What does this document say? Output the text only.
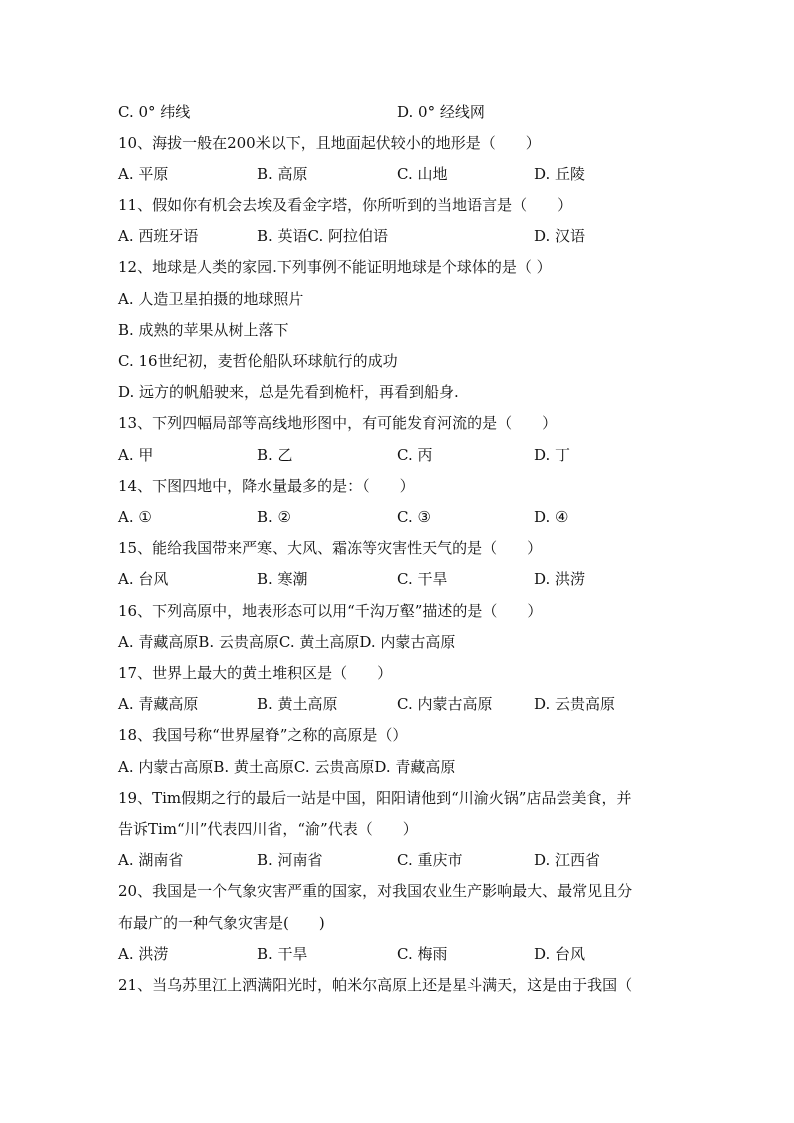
C. 0° 纬线

	D. 0° 经线网

10、海拔一般在200米以下，且地面起伏较小的地形是（　　）

A. 平原

	B. 高原

	C. 山地

	D. 丘陵

11、假如你有机会去埃及看金字塔，你所听到的当地语言是（　　）

A. 西班牙语

	B. 英语C. 阿拉伯语

	D. 汉语

12、地球是人类的家园.下列事例不能证明地球是个球体的是（ ）
A. 人造卫星拍摄的地球照片
B. 成熟的苹果从树上落下
C. 16世纪初，麦哲伦船队环球航行的成功
D. 远方的帆船驶来，总是先看到桅杆，再看到船身.
13、下列四幅局部等高线地形图中，有可能发育河流的是（　　）

A. 甲

	B. 乙

	C. 丙

	D. 丁

14、下图四地中，降水量最多的是：（　　）

A. ①

	B. ②

	C. ③

	D. ④

15、能给我国带来严寒、大风、霜冻等灾害性天气的是（　　）

A. 台风

	B. 寒潮

	C. 干旱

	D. 洪涝

16、下列高原中，地表形态可以用“千沟万壑”描述的是（　　）
A. 青藏高原B. 云贵高原C. 黄土高原D. 内蒙古高原
17、世界上最大的黄土堆积区是（　　）

A. 青藏高原

	B. 黄土高原

	C. 内蒙古高原

	D. 云贵高原

18、我国号称“世界屋脊”之称的高原是（）
A. 内蒙古高原B. 黄土高原C. 云贵高原D. 青藏高原
19、Tim假期之行的最后一站是中国，阳阳请他到“川渝火锅”店品尝美食，并
告诉Tim“川”代表四川省，“渝”代表（　　）

A. 湖南省

	B. 河南省

	C. 重庆市

	D. 江西省

20、我国是一个气象灾害严重的国家，对我国农业生产影响最大、最常见且分
布最广的一种气象灾害是(　　)

A. 洪涝

	B. 干旱

	C. 梅雨

	D. 台风

21、当乌苏里江上洒满阳光时，帕米尔高原上还是星斗满天，这是由于我国（
